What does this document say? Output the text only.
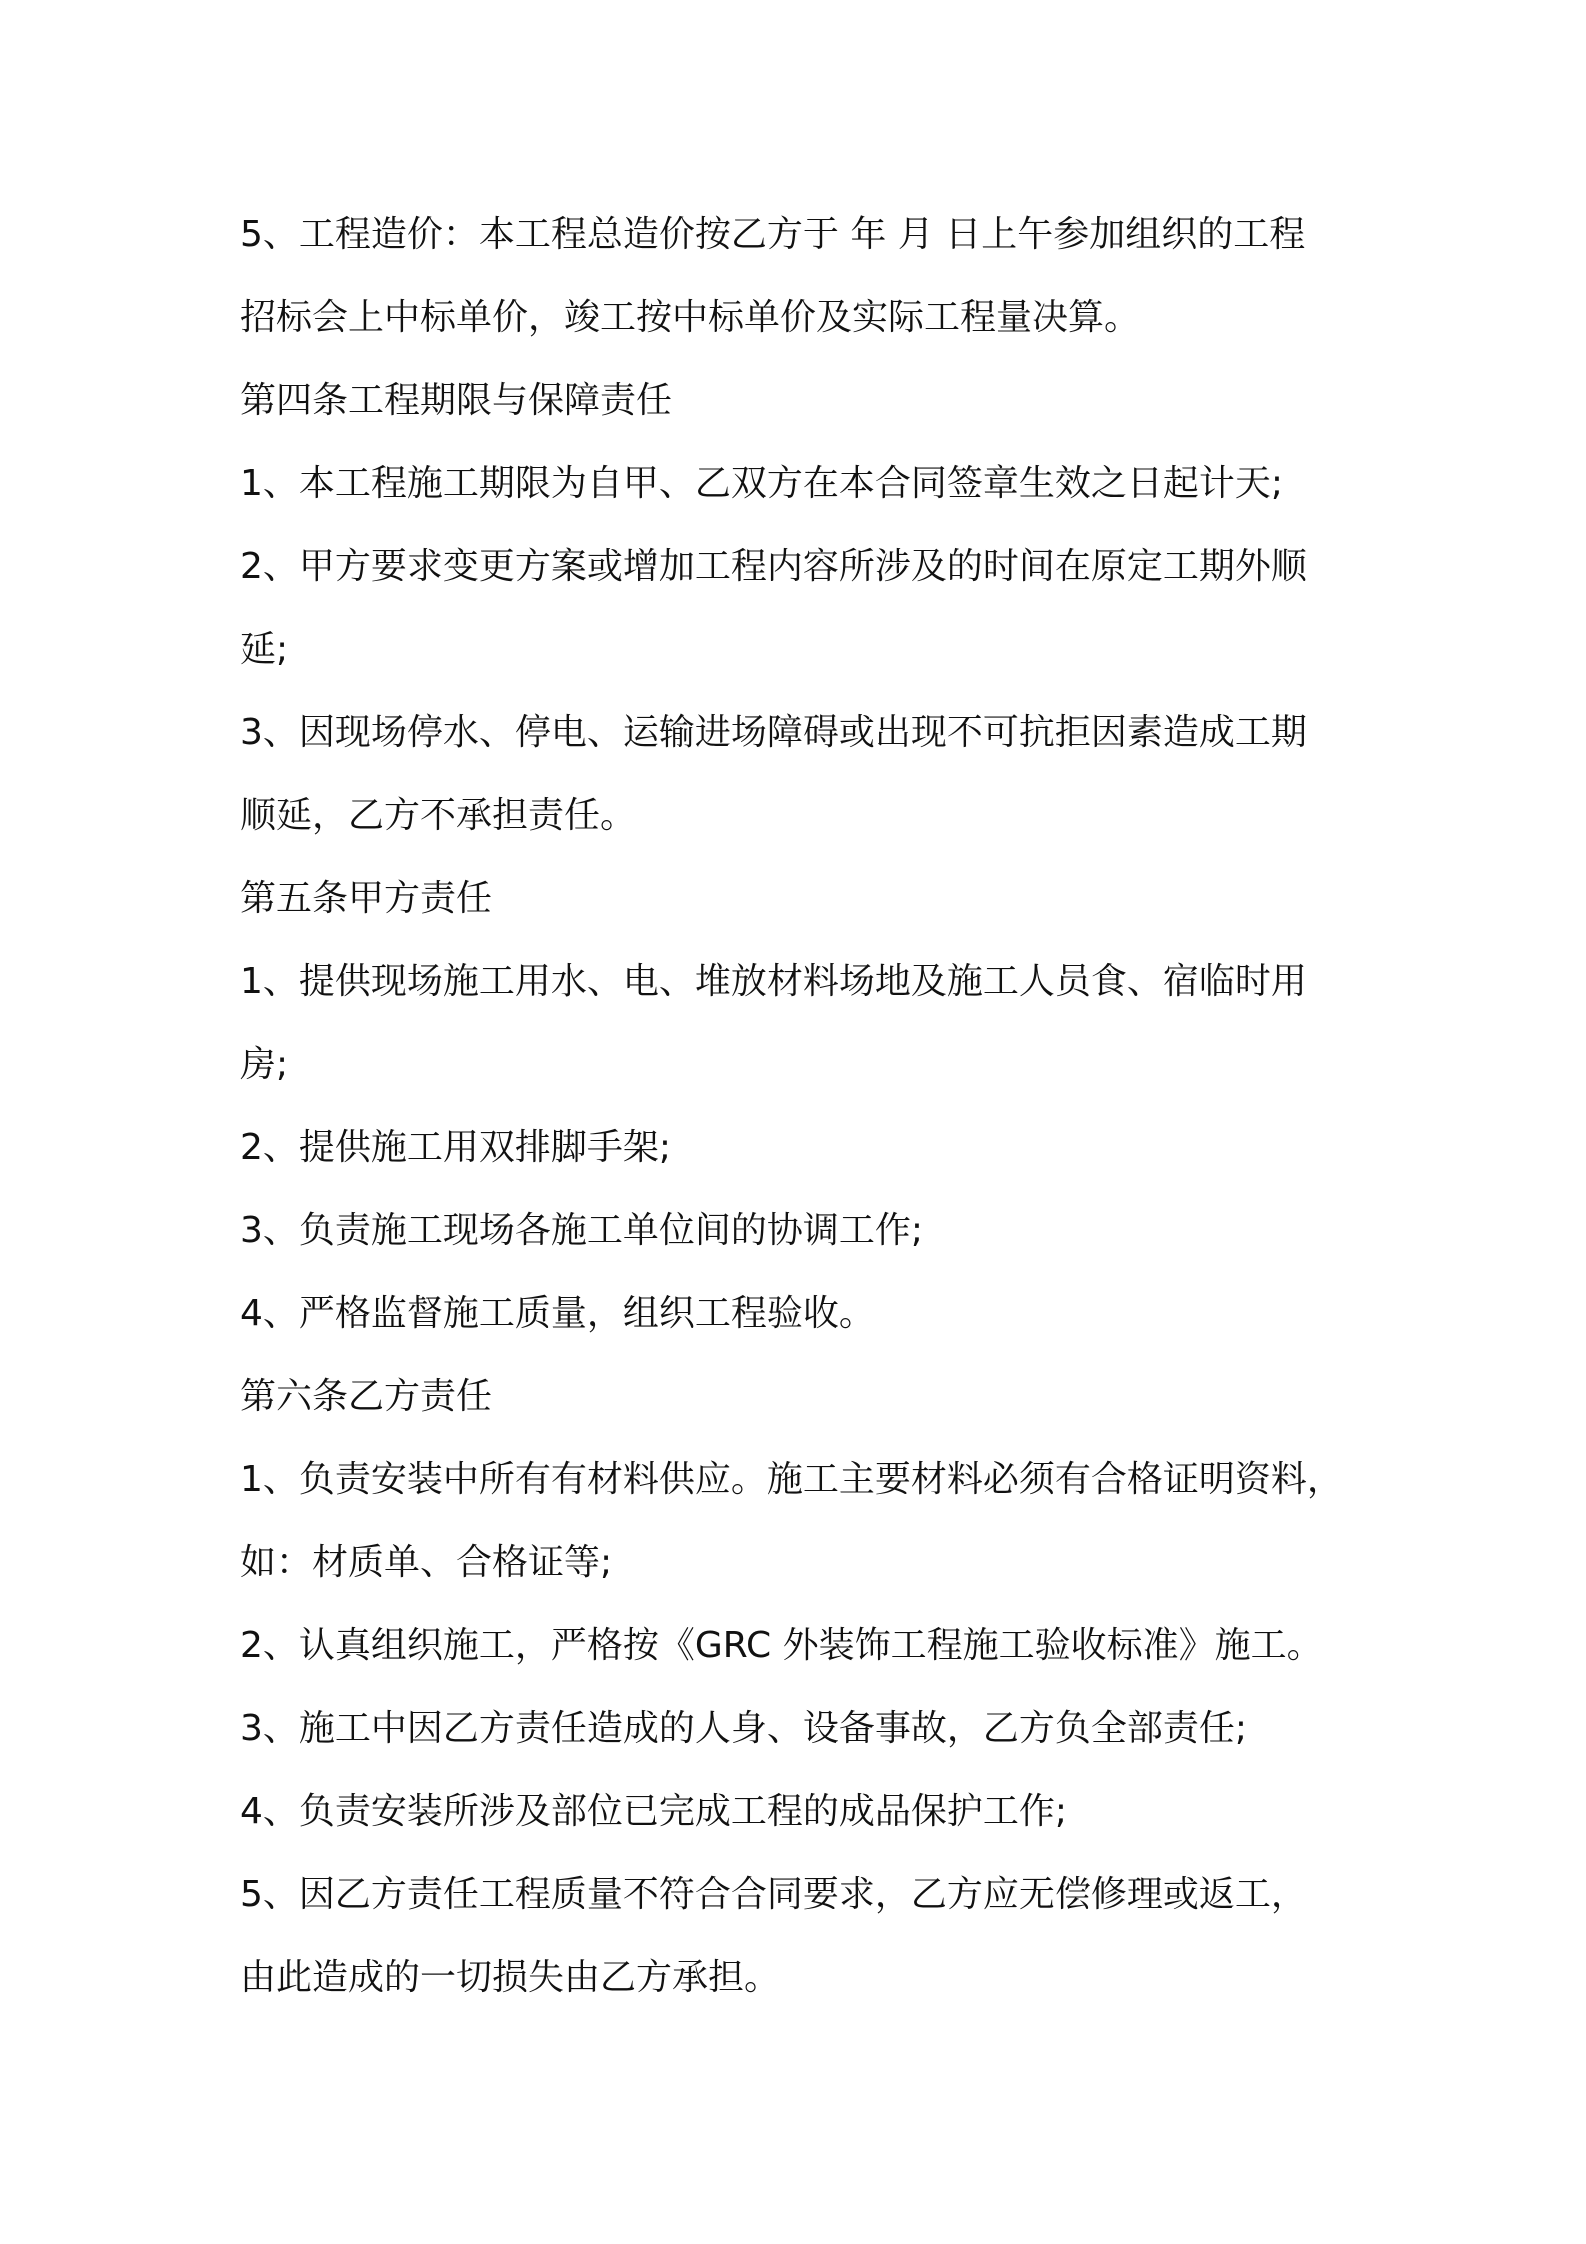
5、工程造价：本工程总造价按乙方于 年 月 日上午参加组织的工程

招标会上中标单价，竣工按中标单价及实际工程量决算。

第四条工程期限与保障责任

1、本工程施工期限为自甲、乙双方在本合同签章生效之日起计天;

2、甲方要求变更方案或增加工程内容所涉及的时间在原定工期外顺

延;

3、因现场停水、停电、运输进场障碍或出现不可抗拒因素造成工期

顺延，乙方不承担责任。

第五条甲方责任

1、提供现场施工用水、电、堆放材料场地及施工人员食、宿临时用

房;

2、提供施工用双排脚手架;

3、负责施工现场各施工单位间的协调工作;

4、严格监督施工质量，组织工程验收。

第六条乙方责任

1、负责安装中所有有材料供应。施工主要材料必须有合格证明资料，

如：材质单、合格证等;

2、认真组织施工，严格按《GRC 外装饰工程施工验收标准》施工。

3、施工中因乙方责任造成的人身、设备事故，乙方负全部责任;

4、负责安装所涉及部位已完成工程的成品保护工作;

5、因乙方责任工程质量不符合合同要求，乙方应无偿修理或返工，

由此造成的一切损失由乙方承担。
